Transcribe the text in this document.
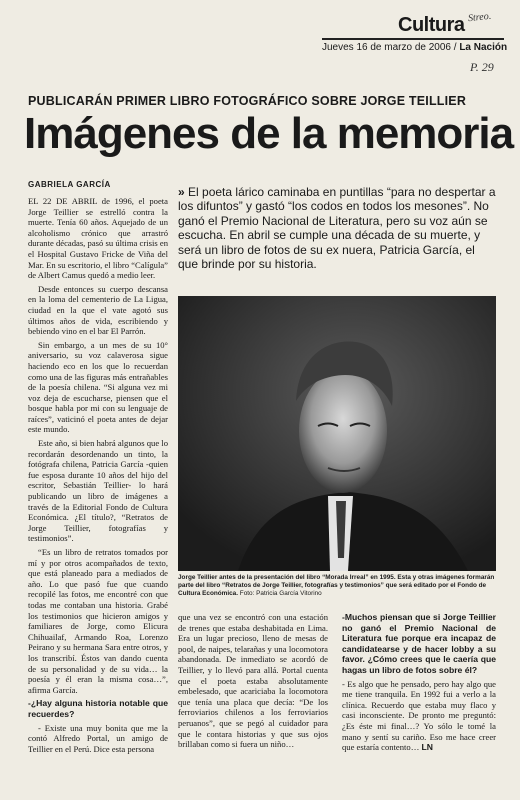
Cultura Streo.
Jueves 16 de marzo de 2006 / La Nación
P. 29
PUBLICARÁN PRIMER LIBRO FOTOGRÁFICO SOBRE JORGE TEILLIER
Imágenes de la memoria
GABRIELA GARCÍA

EL 22 DE ABRIL de 1996, el poeta Jorge Teillier se estrelló contra la muerte. Tenía 60 años. Aquejado de un alcoholismo crónico que arrastró durante décadas, pasó su última crisis en el Hospital Gustavo Fricke de Viña del Mar. En su escritorio, el libro “Calígula” de Albert Camus quedó a medio leer.

Desde entonces su cuerpo descansa en la loma del cementerio de La Ligua, ciudad en la que el vate agotó sus últimos años de vida, escribiendo y bebiendo vino en el bar El Parrón.

Sin embargo, a un mes de su 10° aniversario, su voz calaverosa sigue haciendo eco en los que lo recuerdan como una de las figuras más entrañables de la poesía chilena. “Si alguna vez mi voz deja de escucharse, piensen que el bosque habla por mi con su lenguaje de raíces”, vaticinó el poeta antes de dejar este mundo.

Este año, si bien habrá algunos que lo recordarán desordenando un tinto, la fotógrafa chilena, Patricia García -quien fue esposa durante 10 años del hijo del escritor, Sebastián Teillier- lo hará publicando un libro de imágenes a través de la Editorial Fondo de Cultura Económica. ¿El título?, “Retratos de Jorge Teillier, fotografías y testimonios”.

“Es un libro de retratos tomados por mí y por otros acompañados de texto, que está planeado para a mediados de año. Lo que pasó fue que cuando recopilé las fotos, me encontré con que todas me contaban una historia. Grabé los testimonios que hicieron amigos y familiares de Jorge, como Elicura Chihuailaf, Armando Roa, Lorenzo Peirano y su hermana Sara entre otros, y los transcribí. Éstos van dando cuenta de su personalidad y de su vida… la poesía y él eran la misma cosa…”, afirma García.

-¿Hay alguna historia notable que recuerdes?

- Existe una muy bonita que me la contó Alfredo Portal, un amigo de Teillier en el Perú. Dice esta persona

» El poeta lárico caminaba en puntillas “para no despertar a los difuntos” y gastó “los codos en todos los mesones”. No ganó el Premio Nacional de Literatura, pero su voz aún se escucha. En abril se cumple una década de su muerte, y será un libro de fotos de su ex nuera, Patricia García, el que brinde por su historia.
Jorge Teillier antes de la presentación del libro “Morada Irreal” en 1995. Esta y otras imágenes formarán parte del libro “Retratos de Jorge Teillier, fotografías y testimonios” que será editado por el Fondo de Cultura Económica. Foto: Patricia García Vitorino

que una vez se encontró con una estación de trenes que estaba deshabitada en Lima. Era un lugar precioso, lleno de mesas de pool, de naipes, telarañas y una locomotora abandonada. De inmediato se acordó de Teillier, y lo llevó para allá. Portal cuenta que el poeta estaba absolutamente embelesado, que acariciaba la locomotora que tenía una placa que decía: “De los ferroviarios chilenos a los ferroviarios peruanos”, que se pegó al cuidador para que le contara historias y que sus ojos brillaban como si fuera un niño…

-Muchos piensan que si Jorge Teillier no ganó el Premio Nacional de Literatura fue porque era incapaz de candidatearse y de hacer lobby a su favor. ¿Cómo crees que le caería que hagas un libro de fotos sobre él?

- Es algo que he pensado, pero hay algo que me tiene tranquila. En 1992 fui a verlo a la clínica. Recuerdo que estaba muy flaco y casi inconsciente. De pronto me preguntó: ¿Es éste mi final…? Yo sólo le tomé la mano y sentí su cariño. Eso me hace creer que estaría contento… LN
